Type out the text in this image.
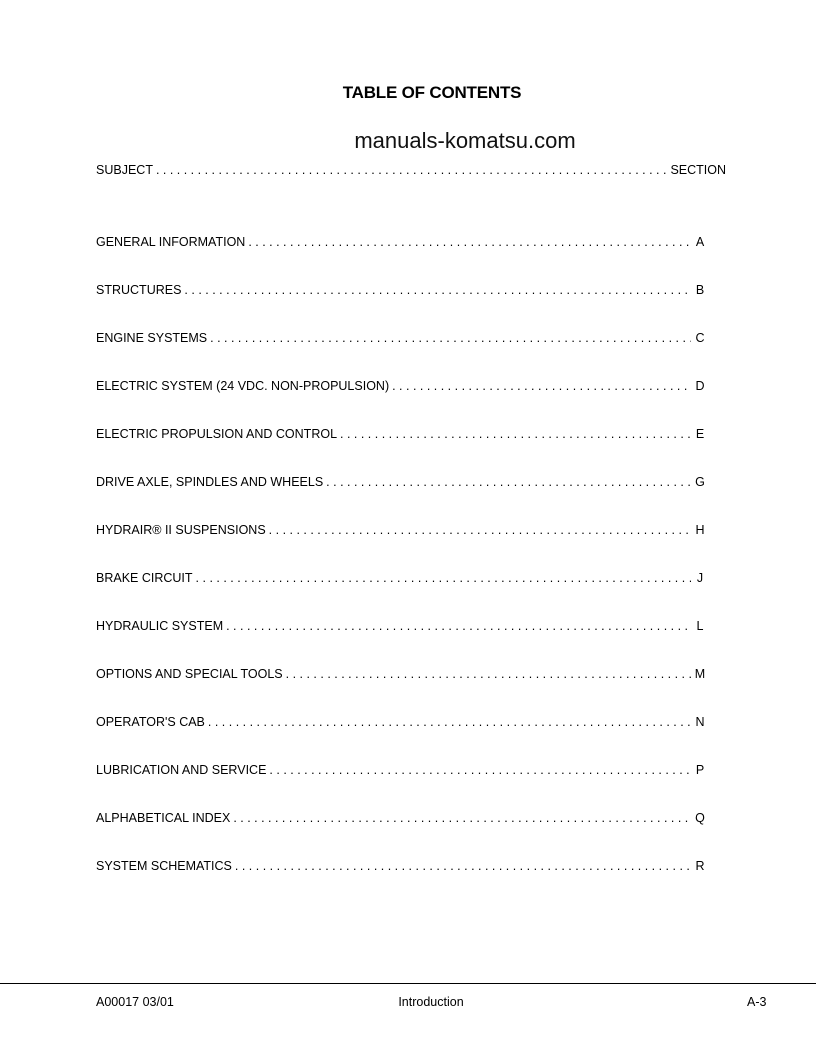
TABLE OF CONTENTS
manuals-komatsu.com
SUBJECT . . .	SECTION
GENERAL INFORMATION . . .	A
STRUCTURES . . .	B
ENGINE SYSTEMS . . .	C
ELECTRIC SYSTEM (24 VDC. NON-PROPULSION) . . .	D
ELECTRIC PROPULSION AND CONTROL . . .	E
DRIVE AXLE, SPINDLES AND WHEELS . . .	G
HYDRAIR® II SUSPENSIONS . . .	H
BRAKE CIRCUIT . . .	J
HYDRAULIC SYSTEM . . .	L
OPTIONS AND SPECIAL TOOLS . . .	M
OPERATOR'S CAB . . .	N
LUBRICATION AND SERVICE . . .	P
ALPHABETICAL INDEX . . .	Q
SYSTEM SCHEMATICS . . .	R
A00017 03/01	Introduction	A-3
